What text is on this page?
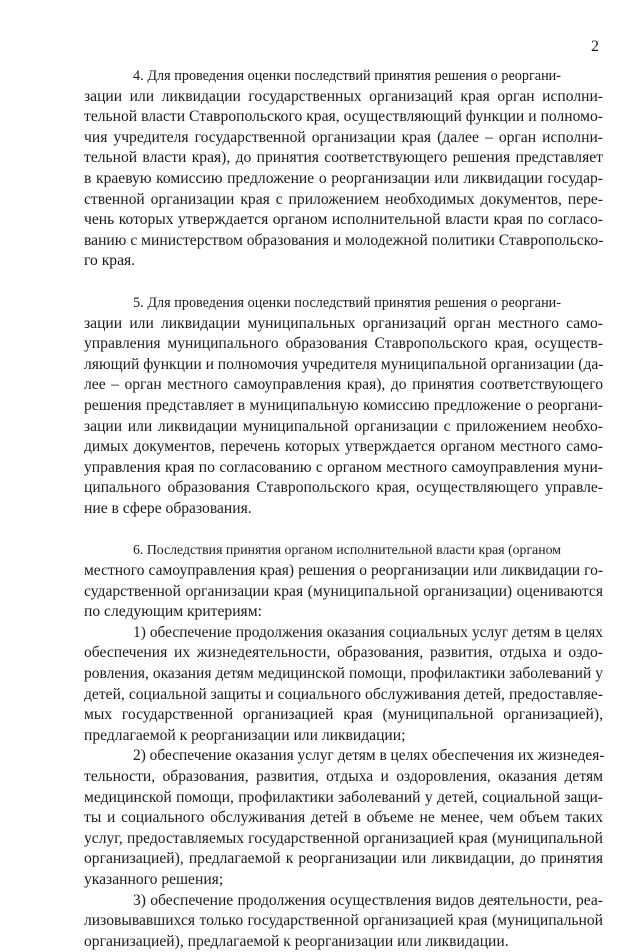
2
4. Для проведения оценки последствий принятия решения о реоргани-
зации или ликвидации государственных организаций края орган исполни-
тельной власти Ставропольского края, осуществляющий функции и полномо-
чия учредителя государственной организации края (далее – орган исполни-
тельной власти края), до принятия соответствующего решения представляет
в краевую комиссию предложение о реорганизации или ликвидации государ-
ственной организации края с приложением необходимых документов, пере-
чень которых утверждается органом исполнительной власти края по согласо-
ванию с министерством образования и молодежной политики Ставропольско-
го края.
5. Для проведения оценки последствий принятия решения о реоргани-
зации или ликвидации муниципальных организаций орган местного само-
управления муниципального образования Ставропольского края, осуществ-
ляющий функции и полномочия учредителя муниципальной организации (да-
лее – орган местного самоуправления края), до принятия соответствующего
решения представляет в муниципальную комиссию предложение о реоргани-
зации или ликвидации муниципальной организации с приложением необхо-
димых документов, перечень которых утверждается органом местного само-
управления края по согласованию с органом местного самоуправления муни-
ципального образования Ставропольского края, осуществляющего управле-
ние в сфере образования.
6. Последствия принятия органом исполнительной власти края (органом
местного самоуправления края) решения о реорганизации или ликвидации го-
сударственной организации края (муниципальной организации) оцениваются
по следующим критериям:
1) обеспечение продолжения оказания социальных услуг детям в целях
обеспечения их жизнедеятельности, образования, развития, отдыха и оздо-
ровления, оказания детям медицинской помощи, профилактики заболеваний у
детей, социальной защиты и социального обслуживания детей, предоставляе-
мых государственной организацией края (муниципальной организацией),
предлагаемой к реорганизации или ликвидации;
2) обеспечение оказания услуг детям в целях обеспечения их жизнедея-
тельности, образования, развития, отдыха и оздоровления, оказания детям
медицинской помощи, профилактики заболеваний у детей, социальной защи-
ты и социального обслуживания детей в объеме не менее, чем объем таких
услуг, предоставляемых государственной организацией края (муниципальной
организацией), предлагаемой к реорганизации или ликвидации, до принятия
указанного решения;
3) обеспечение продолжения осуществления видов деятельности, реа-
лизовывавшихся только государственной организацией края (муниципальной
организацией), предлагаемой к реорганизации или ликвидации.
